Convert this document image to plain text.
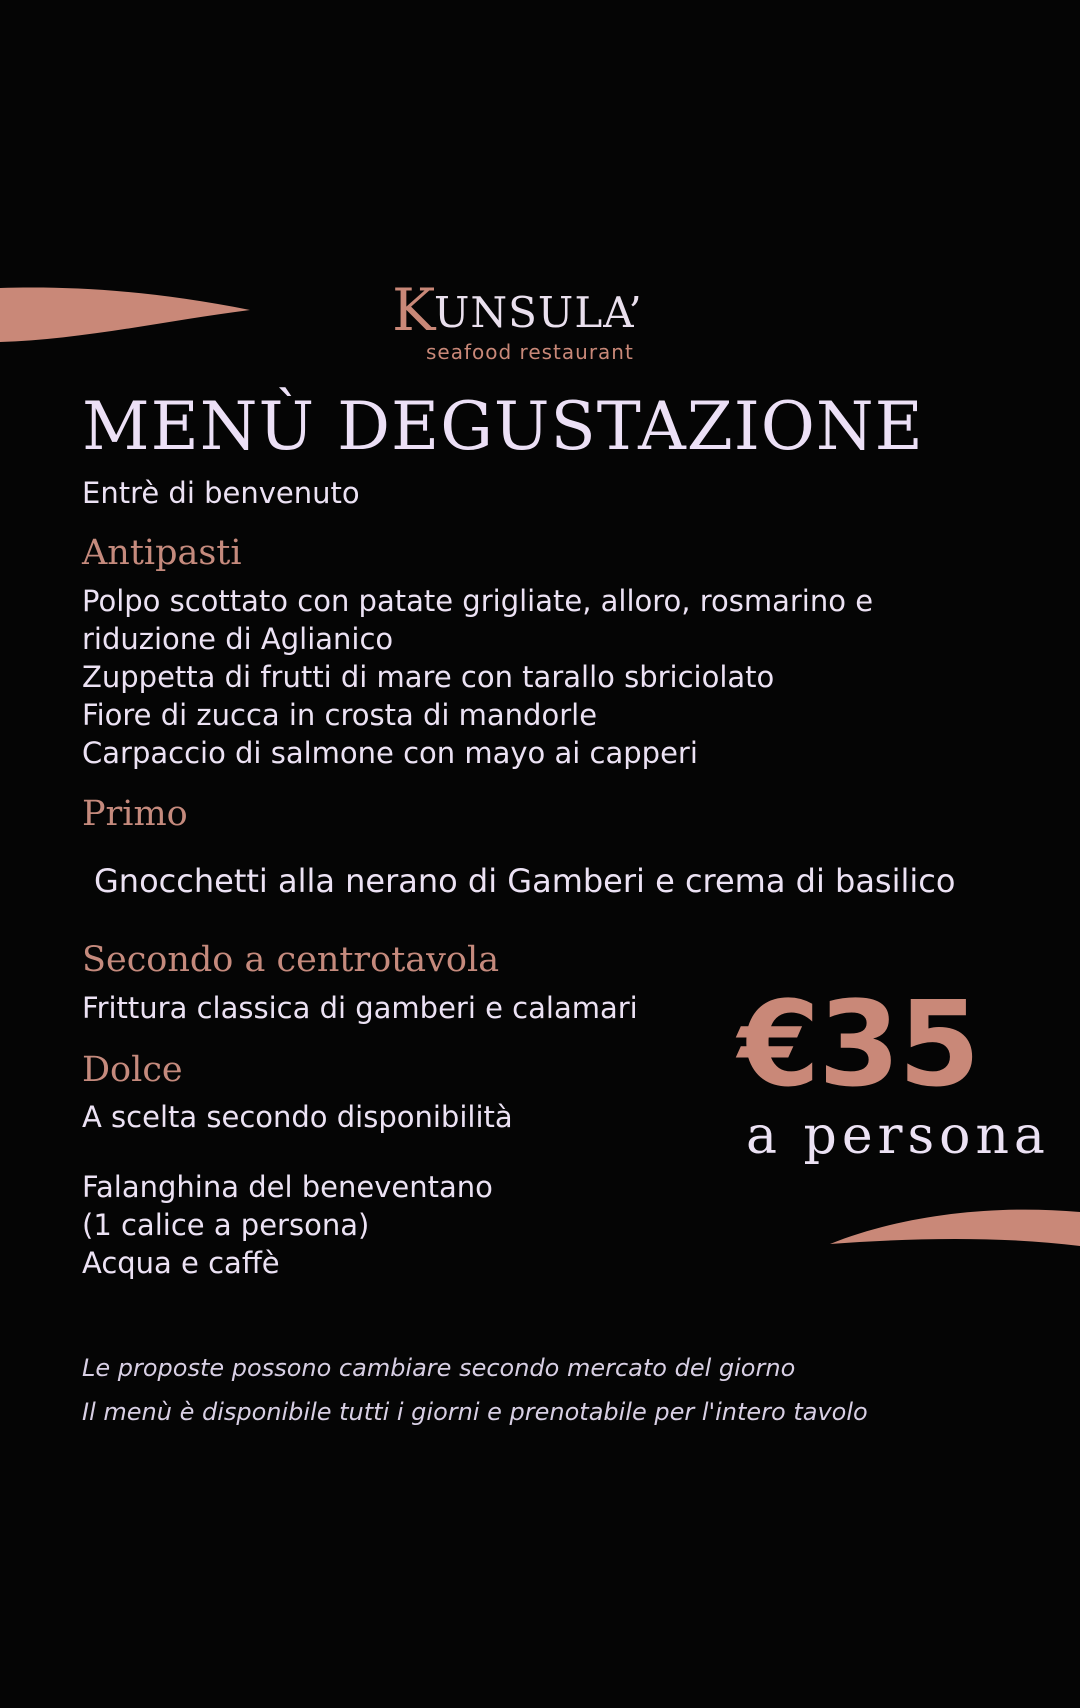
K
UNSULA’
seafood restaurant
MENÙ DEGUSTAZIONE
Entrè di benvenuto
Antipasti
Polpo scottato con patate grigliate, alloro, rosmarino e
riduzione di Aglianico
Zuppetta di frutti di mare con tarallo sbriciolato
Fiore di zucca in crosta di mandorle
Carpaccio di salmone con mayo ai capperi
Primo
Gnocchetti alla nerano di Gamberi e crema di basilico
Secondo a centrotavola
Frittura classica di gamberi e calamari
Dolce
A scelta secondo disponibilità
Falanghina del beneventano
(1 calice a persona)
Acqua e caffè
€35
a persona
Le proposte possono cambiare secondo mercato del giorno
Il menù è disponibile tutti i giorni e prenotabile per l'intero tavolo
